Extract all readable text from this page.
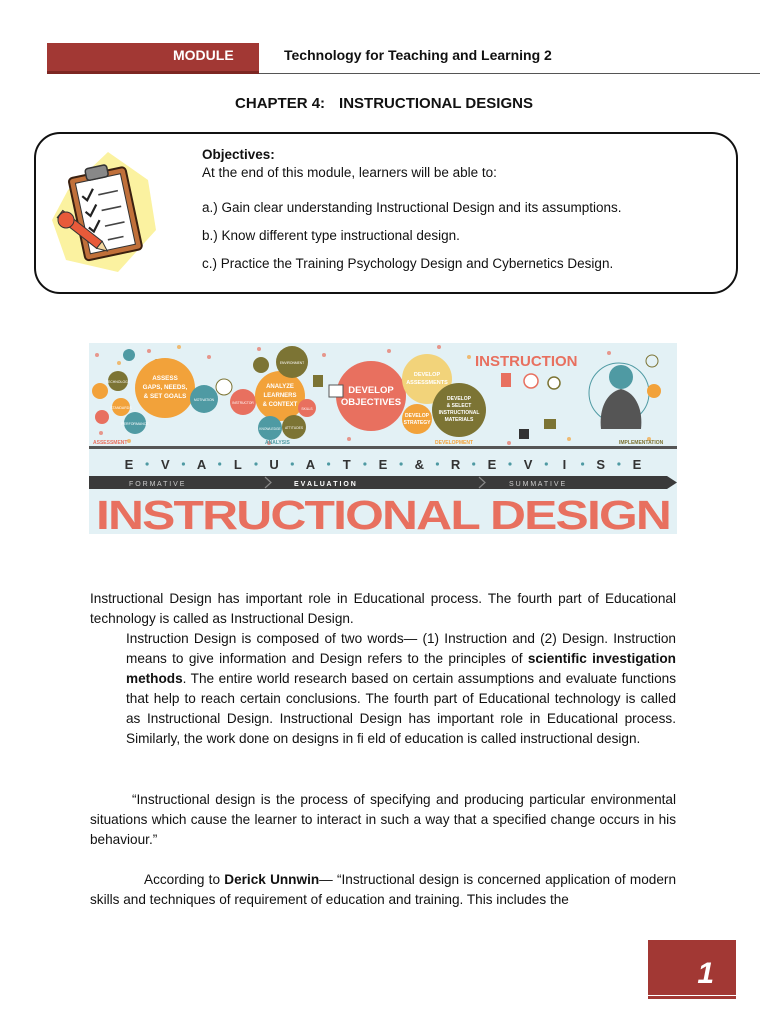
MODULE	Technology for Teaching and Learning 2
CHAPTER 4: INSTRUCTIONAL DESIGNS
Objectives:
At the end of this module, learners will be able to:
a.) Gain clear understanding Instructional Design and its assumptions.
b.) Know different type instructional design.
c.) Practice the Training Psychology Design and Cybernetics Design.
TECHNOLOGY
STANDARDS
PERFORMANCE
ASSESS
GAPS, NEEDS,
& SET GOALS MOTIVATION
INSTRUCTOR
ANALYZE
LEARNERS
& CONTEXT
ENVIRONMENT
SKILLS
KNOWLEDGE ATTITUDES
DEVELOP
OBJECTIVES
DEVELOP
ASSESSMENTS
DEVELOP
STRATEGY
DEVELOP
& SELECT
INSTRUCTIONAL
MATERIALS
INSTRUCTION
ASSESSMENT	ANALYSIS	DEVELOPMENT	IMPLEMENTATION
E V A L U A T E & R E V I S E
F O R M A T I V E	E V A L U A T I O N	S U M M A T I V E
INSTRUCTIONAL DESIGN
Instructional Design has important role in Educational process. The fourth part of Educational technology is called as Instructional Design.
Instruction Design is composed of two words— (1) Instruction and (2) Design. Instruction means to give information and Design refers to the principles of scientific investigation methods. The entire world research based on certain assumptions and evaluate functions that help to reach certain conclusions. The fourth part of Educational technology is called as Instructional Design. Instructional Design has important role in Educational process. Similarly, the work done on designs in fi eld of education is called instructional design.
“Instructional design is the process of specifying and producing particular environmental situations which cause the learner to interact in such a way that a specified change occurs in his behaviour.”
According to Derick Unnwin— “Instructional design is concerned application of modern skills and techniques of requirement of education and training. This includes the
1
